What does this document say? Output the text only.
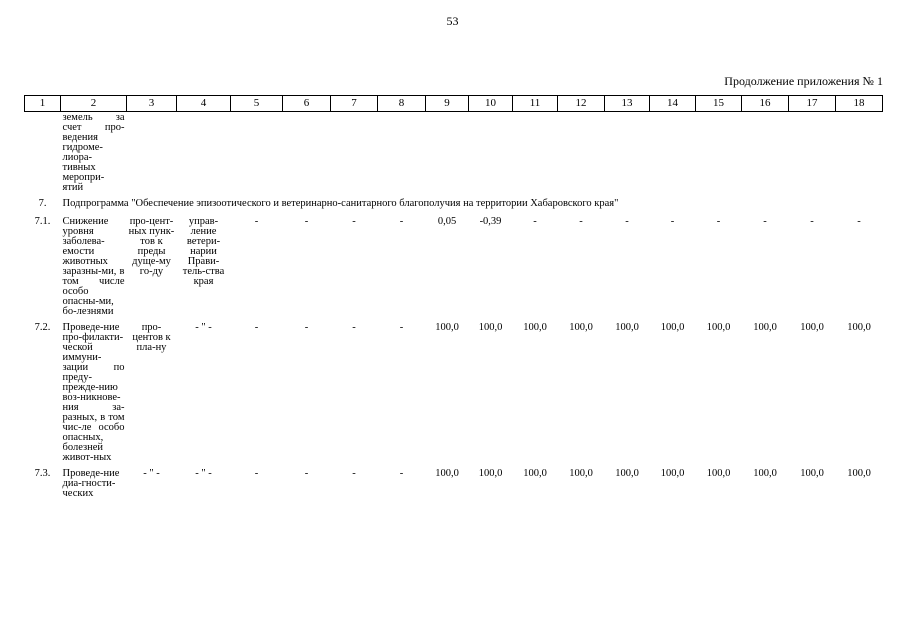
53
Продолжение приложения № 1
1	2	3	4	5	6	7	8	9	10	11	12	13	14	15	16	17	18
	земель за счет про-ведения гидроме-лиора-тивных меропри-ятий																
7.	Подпрограмма "Обеспечение эпизоотического и ветеринарно-санитарного благополучия на территории Хабаровского края"																
7.1.	Снижение уровня заболева-емости животных заразны-ми, в том числе особо опасны-ми, бо-лезнями	про-цент-ных пунк-тов к преды дуще-му го-ду	управ-ление ветери-нарии Прави-тель-ства края	-	-	-	-	0,05	-0,39	-	-	-	-	-	-	-	-
7.2.	Проведе-ние про-филакти-ческой иммуни-зации по преду-прежде-нию воз-никнове-ния за-разных, в том чис-ле особо опасных, болезней живот-ных	про-центов к пла-ну	- " -	-	-	-	-	100,0	100,0	100,0	100,0	100,0	100,0	100,0	100,0	100,0	100,0
7.3.	Проведе-ние диа-гности-ческих	- " -	- " -	-	-	-	-	100,0	100,0	100,0	100,0	100,0	100,0	100,0	100,0	100,0	100,0
